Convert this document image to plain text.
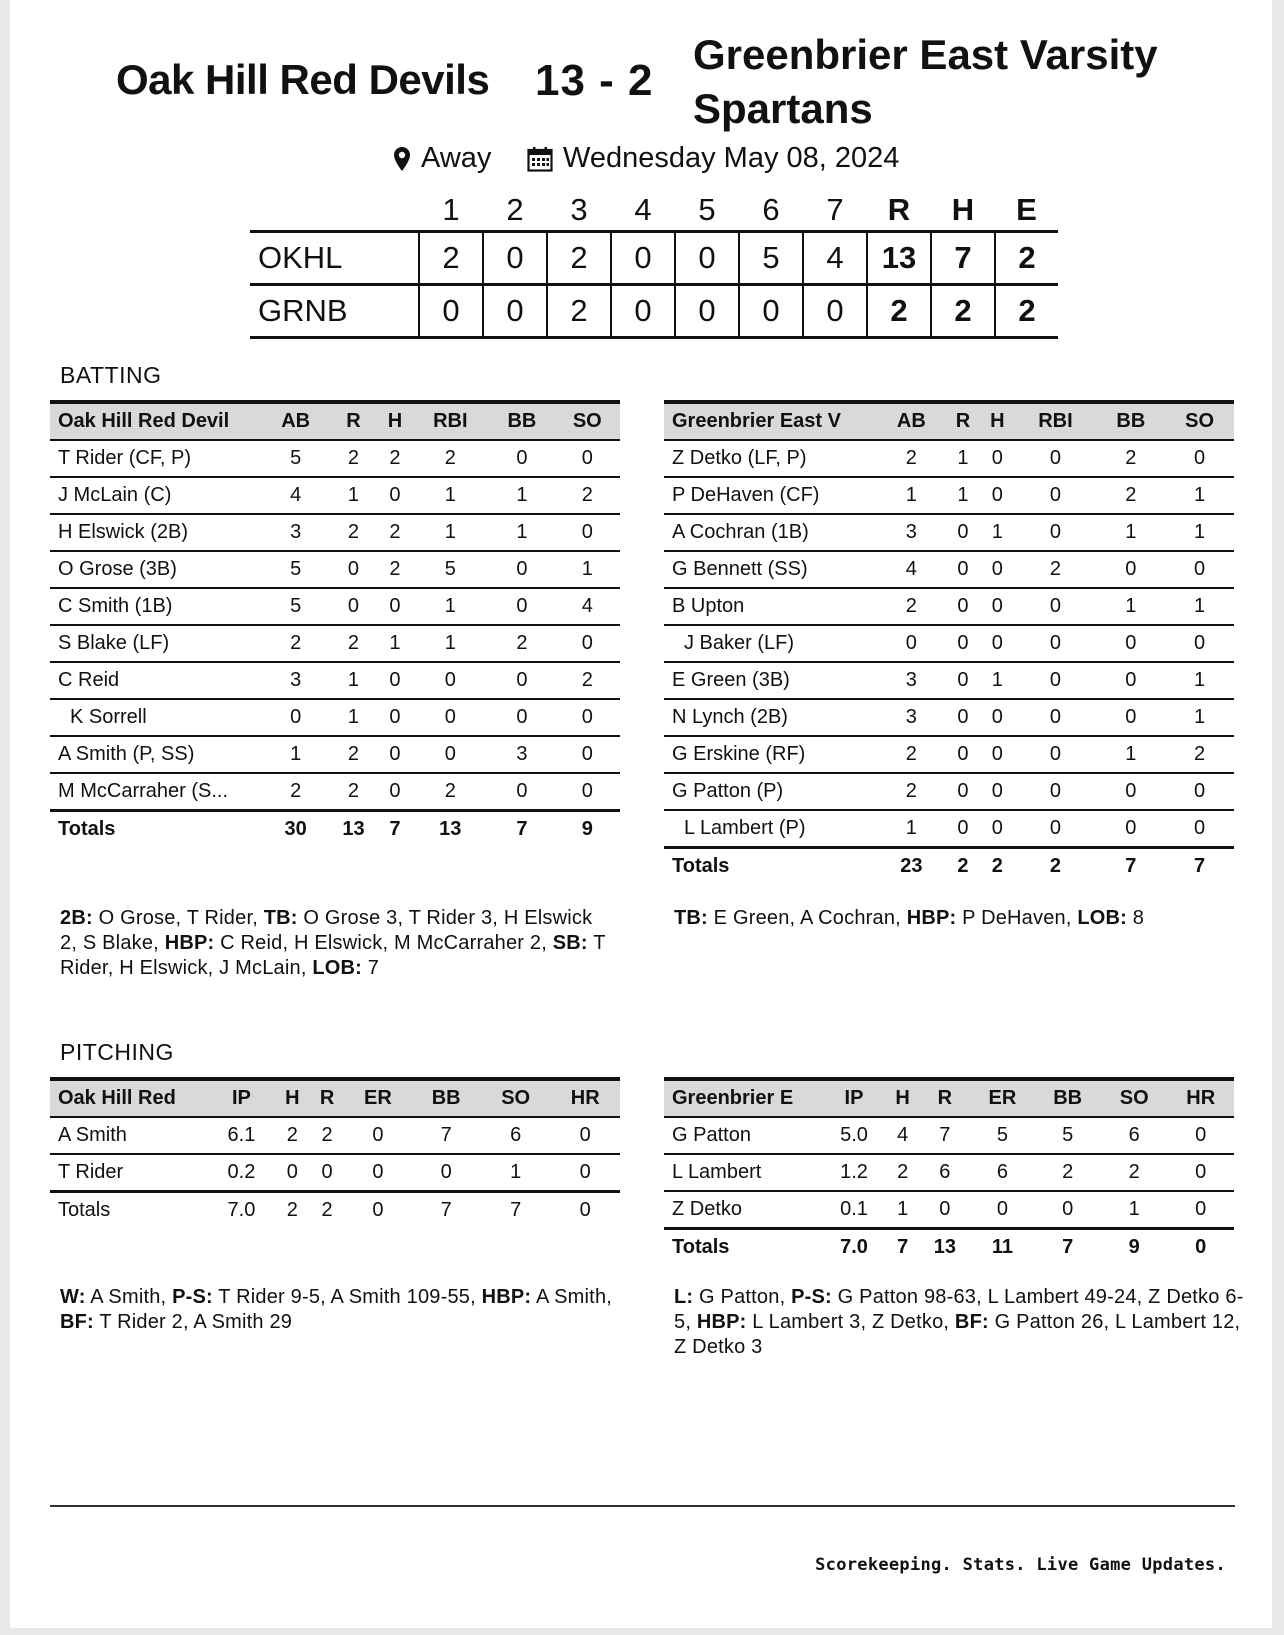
Oak Hill Red Devils 13 - 2
Greenbrier East Varsity Spartans
Away Wednesday May 08, 2024
	1	2	3	4	5	6	7	R	H	E
OKHL	2	0	2	0	0	5	4	13	7	2
GRNB	0	0	2	0	0	0	0	2	2	2
BATTING
Oak Hill Red Devil	AB	R	H	RBI	BB	SO
T Rider (CF, P)	5	2	2	2	0	0
J McLain (C)	4	1	0	1	1	2
H Elswick (2B)	3	2	2	1	1	0
O Grose (3B)	5	0	2	5	0	1
C Smith (1B)	5	0	0	1	0	4
S Blake (LF)	2	2	1	1	2	0
C Reid	3	1	0	0	0	2
K Sorrell	0	1	0	0	0	0
A Smith (P, SS)	1	2	0	0	3	0
M McCarraher (S...	2	2	0	2	0	0
Totals	30	13	7	13	7	9
Greenbrier East V	AB	R	H	RBI	BB	SO
Z Detko (LF, P)	2	1	0	0	2	0
P DeHaven (CF)	1	1	0	0	2	1
A Cochran (1B)	3	0	1	0	1	1
G Bennett (SS)	4	0	0	2	0	0
B Upton	2	0	0	0	1	1
J Baker (LF)	0	0	0	0	0	0
E Green (3B)	3	0	1	0	0	1
N Lynch (2B)	3	0	0	0	0	1
G Erskine (RF)	2	0	0	0	1	2
G Patton (P)	2	0	0	0	0	0
L Lambert (P)	1	0	0	0	0	0
Totals	23	2	2	2	7	7
2B: O Grose, T Rider, TB: O Grose 3, T Rider 3, H Elswick 2, S Blake, HBP: C Reid, H Elswick, M McCarraher 2, SB: T Rider, H Elswick, J McLain, LOB: 7
TB: E Green, A Cochran, HBP: P DeHaven, LOB: 8
PITCHING
Oak Hill Red	IP	H	R	ER	BB	SO	HR
A Smith	6.1	2	2	0	7	6	0
T Rider	0.2	0	0	0	0	1	0
Totals	7.0	2	2	0	7	7	0
Greenbrier E	IP	H	R	ER	BB	SO	HR
G Patton	5.0	4	7	5	5	6	0
L Lambert	1.2	2	6	6	2	2	0
Z Detko	0.1	1	0	0	0	1	0
Totals	7.0	7	13	11	7	9	0
W: A Smith, P-S: T Rider 9-5, A Smith 109-55, HBP: A Smith, BF: T Rider 2, A Smith 29
L: G Patton, P-S: G Patton 98-63, L Lambert 49-24, Z Detko 6-5, HBP: L Lambert 3, Z Detko, BF: G Patton 26, L Lambert 12, Z Detko 3
Scorekeeping. Stats. Live Game Updates.
